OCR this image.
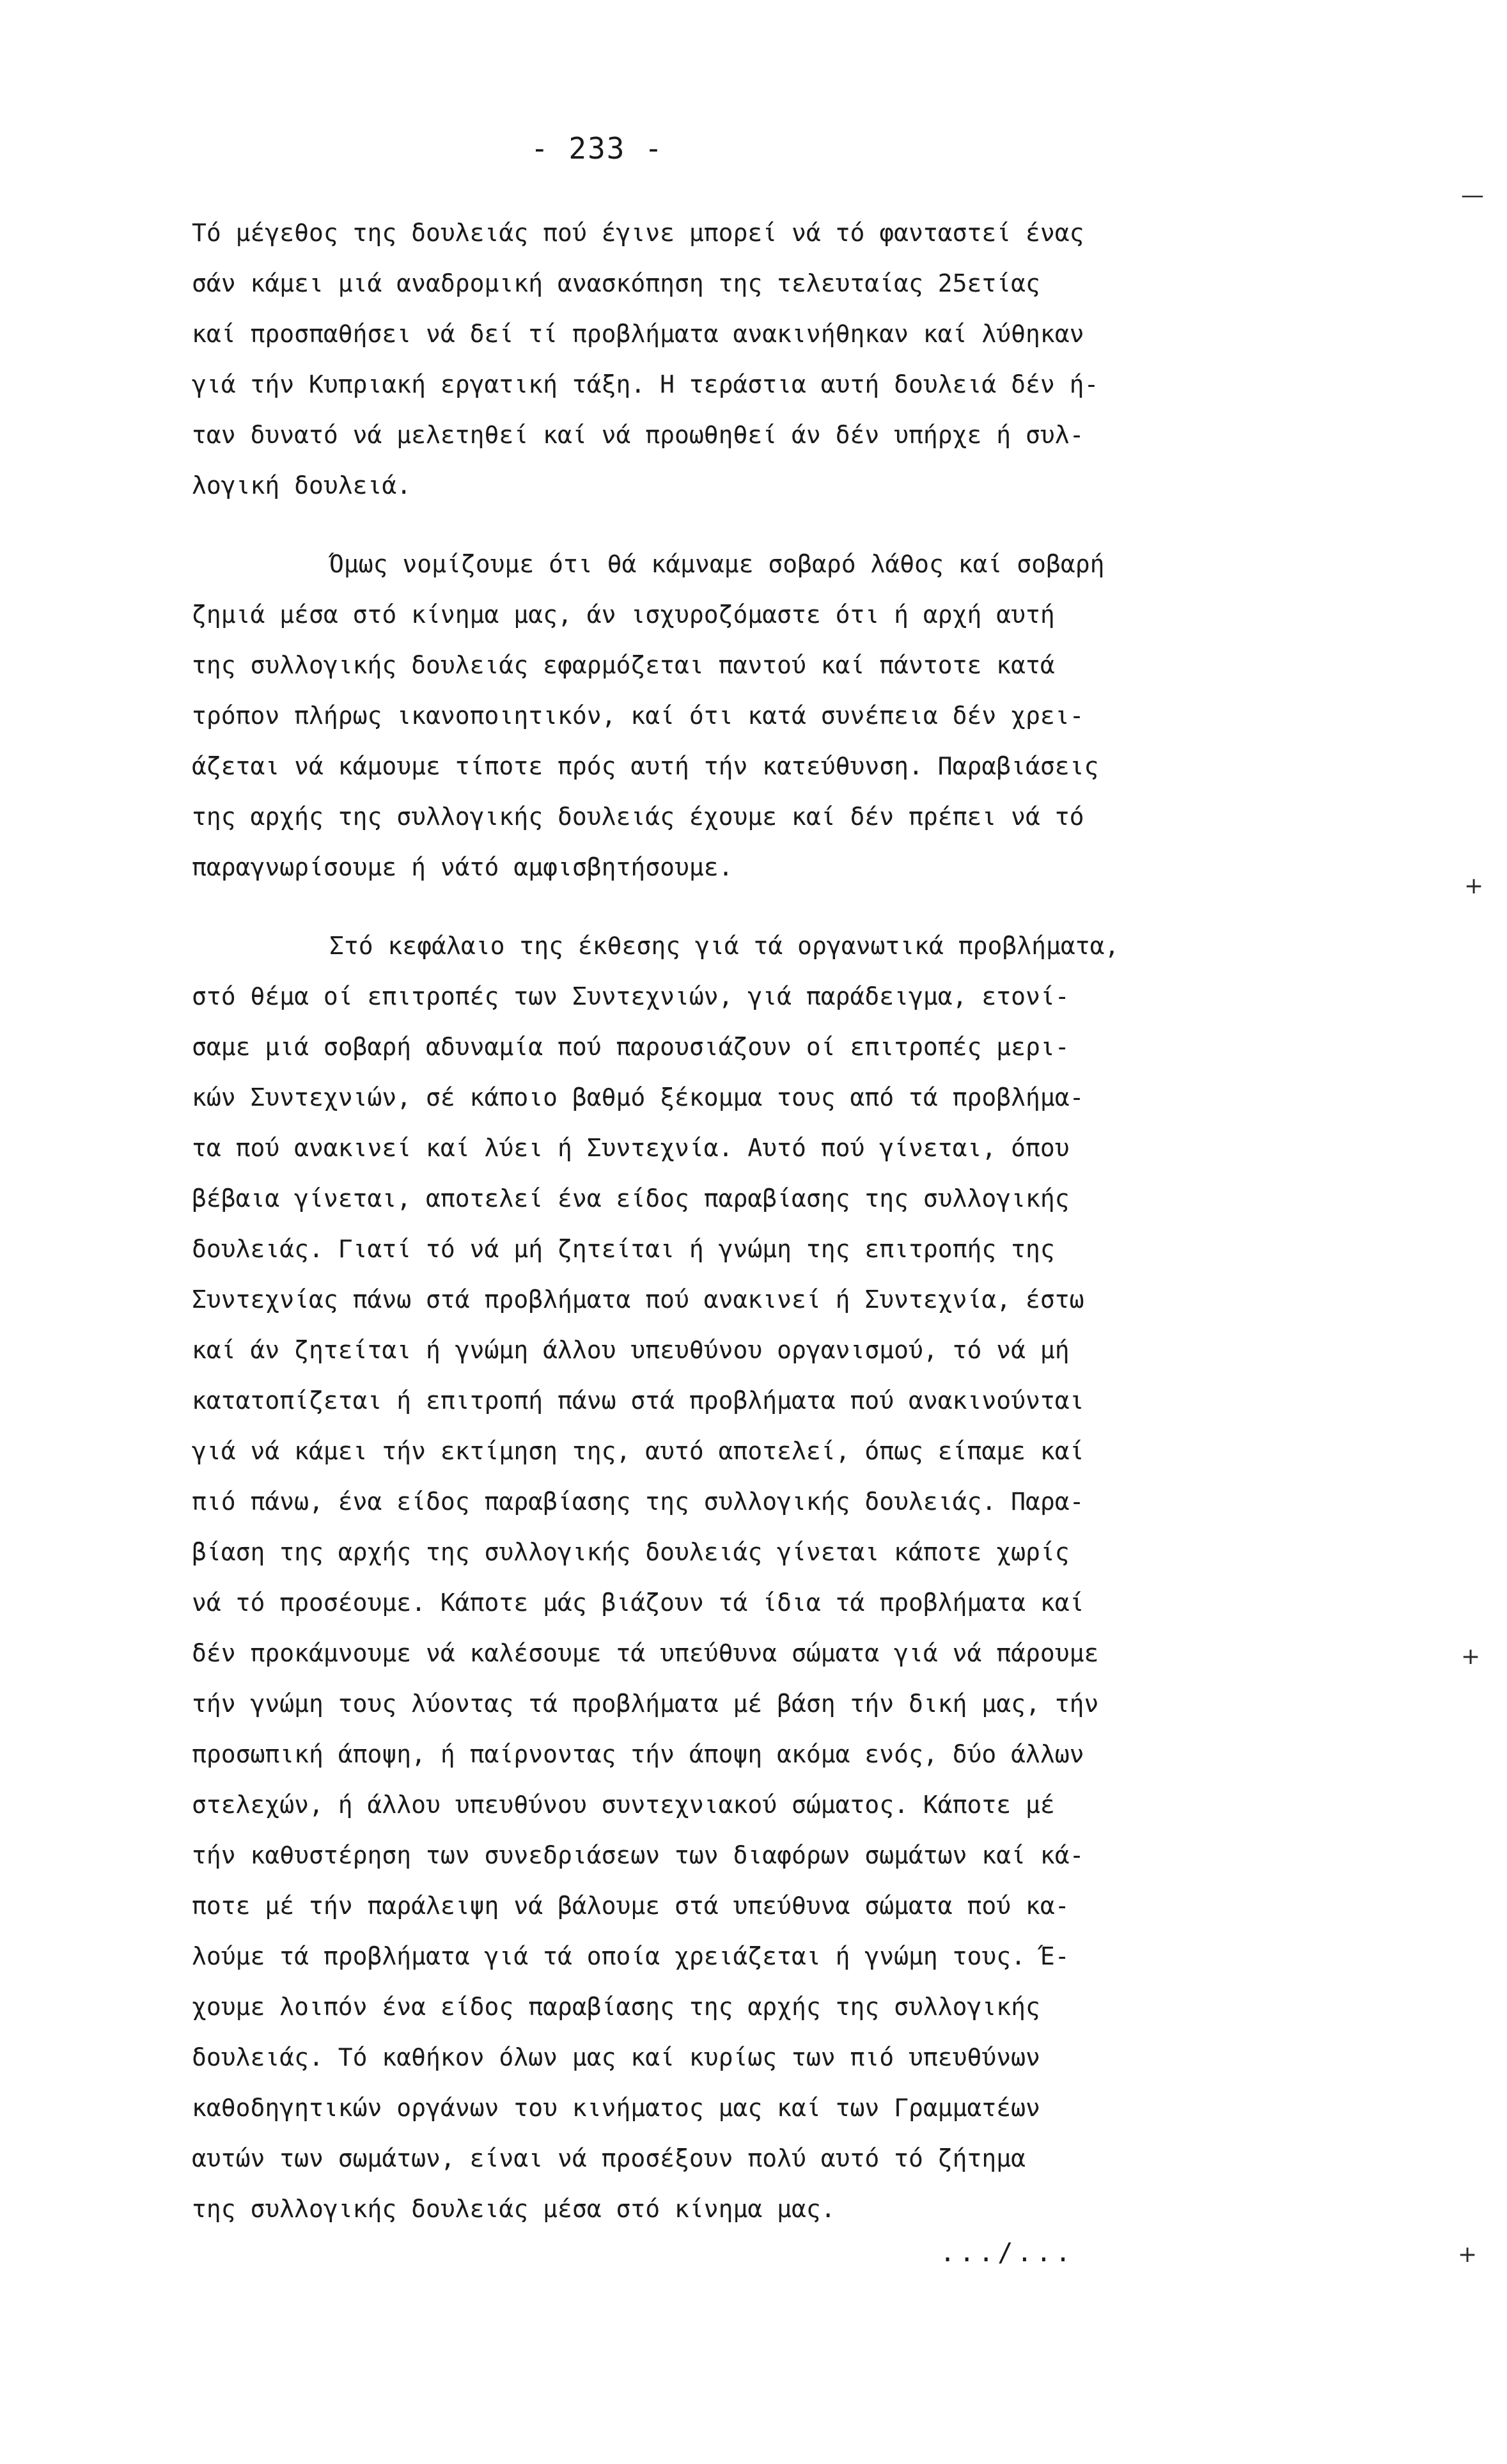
- 233 -
Τό μέγεθος της δουλειάς πού έγινε μπορεί νά τό φανταστεί ένας
σάν κάμει μιά αναδρομική ανασκόπηση της τελευταίας 25ετίας
καί προσπαθήσει νά δεί τί προβλήματα ανακινήθηκαν καί λύθηκαν
γιά τήν Κυπριακή εργατική τάξη. Η τεράστια αυτή δουλειά δέν ή-
ταν δυνατό νά μελετηθεί καί νά προωθηθεί άν δέν υπήρχε ή συλ-
λογική δουλειά.
Όμως νομίζουμε ότι θά κάμναμε σοβαρό λάθος καί σοβαρή
ζημιά μέσα στό κίνημα μας, άν ισχυροζόμαστε ότι ή αρχή αυτή
της συλλογικής δουλειάς εφαρμόζεται παντού καί πάντοτε κατά
τρόπον πλήρως ικανοποιητικόν, καί ότι κατά συνέπεια δέν χρει-
άζεται νά κάμουμε τίποτε πρός αυτή τήν κατεύθυνση. Παραβιάσεις
της αρχής της συλλογικής δουλειάς έχουμε καί δέν πρέπει νά τό
παραγνωρίσουμε ή νάτό αμφισβητήσουμε.
Στό κεφάλαιο της έκθεσης γιά τά οργανωτικά προβλήματα,
στό θέμα οί επιτροπές των Συντεχνιών, γιά παράδειγμα, ετονί-
σαμε μιά σοβαρή αδυναμία πού παρουσιάζουν οί επιτροπές μερι-
κών Συντεχνιών, σέ κάποιο βαθμό ξέκομμα τους από τά προβλήμα-
τα πού ανακινεί καί λύει ή Συντεχνία. Αυτό πού γίνεται, όπου
βέβαια γίνεται, αποτελεί ένα είδος παραβίασης της συλλογικής
δουλειάς. Γιατί τό νά μή ζητείται ή γνώμη της επιτροπής της
Συντεχνίας πάνω στά προβλήματα πού ανακινεί ή Συντεχνία, έστω
καί άν ζητείται ή γνώμη άλλου υπευθύνου οργανισμού, τό νά μή
κατατοπίζεται ή επιτροπή πάνω στά προβλήματα πού ανακινούνται
γιά νά κάμει τήν εκτίμηση της, αυτό αποτελεί, όπως είπαμε καί
πιό πάνω, ένα είδος παραβίασης της συλλογικής δουλειάς. Παρα-
βίαση της αρχής της συλλογικής δουλειάς γίνεται κάποτε χωρίς
νά τό προσέουμε. Κάποτε μάς βιάζουν τά ίδια τά προβλήματα καί
δέν προκάμνουμε νά καλέσουμε τά υπεύθυνα σώματα γιά νά πάρουμε
τήν γνώμη τους λύοντας τά προβλήματα μέ βάση τήν δική μας, τήν
προσωπική άποψη, ή παίρνοντας τήν άποψη ακόμα ενός, δύο άλλων
στελεχών, ή άλλου υπευθύνου συντεχνιακού σώματος. Κάποτε μέ
τήν καθυστέρηση των συνεδριάσεων των διαφόρων σωμάτων καί κά-
ποτε μέ τήν παράλειψη νά βάλουμε στά υπεύθυνα σώματα πού κα-
λούμε τά προβλήματα γιά τά οποία χρειάζεται ή γνώμη τους. Έ-
χουμε λοιπόν ένα είδος παραβίασης της αρχής της συλλογικής
δουλειάς. Τό καθήκον όλων μας καί κυρίως των πιό υπευθύνων
καθοδηγητικών οργάνων του κινήματος μας καί των Γραμματέων
αυτών των σωμάτων, είναι νά προσέξουν πολύ αυτό τό ζήτημα
της συλλογικής δουλειάς μέσα στό κίνημα μας.
.../...
—
+
+
+
